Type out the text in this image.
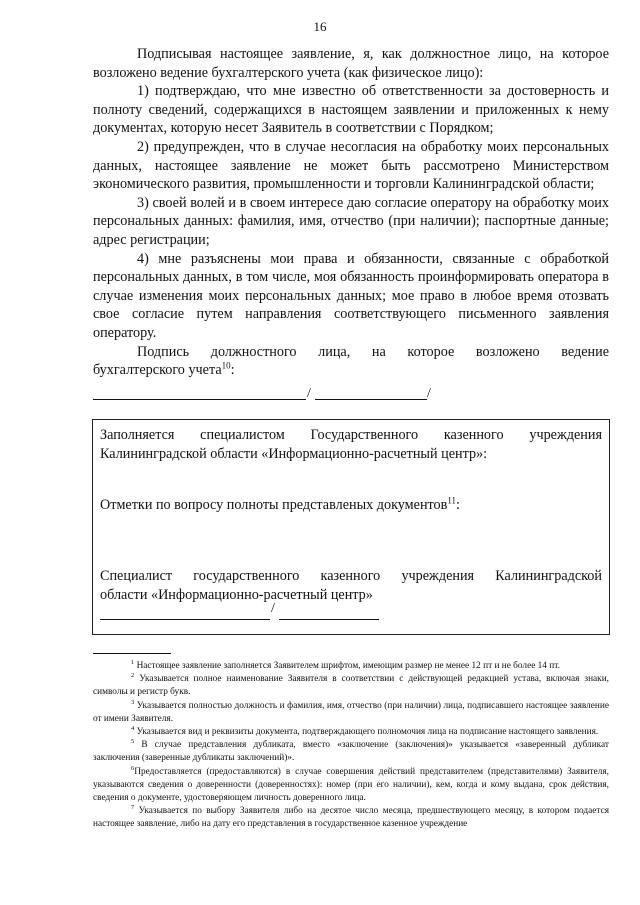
16

Подписывая настоящее заявление, я, как должностное лицо, на которое возложено ведение бухгалтерского учета (как физическое лицо):

1) подтверждаю, что мне известно об ответственности за достоверность и полноту сведений, содержащихся в настоящем заявлении и приложенных к нему документах, которую несет Заявитель в соответствии с Порядком;

2) предупрежден, что в случае несогласия на обработку моих персональных данных, настоящее заявление не может быть рассмотрено Министерством экономического развития, промышленности и торговли Калининградской области;

3) своей волей и в своем интересе даю согласие оператору на обработку моих персональных данных: фамилия, имя, отчество (при наличии); паспортные данные; адрес регистрации;

4) мне разъяснены мои права и обязанности, связанные с обработкой персональных данных, в том числе, моя обязанность проинформировать оператора в случае изменения моих персональных данных; мое право в любое время отозвать свое согласие путем направления соответствующего письменного заявления оператору.

Подпись должностного лица, на которое возложено ведение

бухгалтерского учета$^{10}$:

/	/
Заполняется специалистом Государственного казенного учреждения
Калининградской области «Информационно-расчетный центр»:
Отметки по вопросу полноты представленых документов$^{11}$:
Специалист государственного казенного учреждения Калининградской
области «Информационно-расчетный центр»
/

$^1$ Настоящее заявление заполняется Заявителем шрифтом, имеющим размер не менее 12 пт и не более 14 пт.

$^2$ Указывается полное наименование Заявителя в соответствии с действующей редакцией устава, включая знаки, символы и регистр букв.

$^3$ Указывается полностью должность и фамилия, имя, отчество (при наличии) лица, подписавшего настоящее заявление от имени Заявителя.

$^4$ Указывается вид и реквизиты документа, подтверждающего полномочия лица на подписание настоящего заявления.

$^5$ В случае представления дубликата, вместо «заключение (заключения)» указывается «заверенный дубликат заключения (заверенные дубликаты заключений)».

$^6$Предоставляется (предоставляются) в случае совершения действий представителем (представителями) Заявителя, указываются сведения о доверенности (доверенностях): номер (при его наличии), кем, когда и кому выдана, срок действия, сведения о документе, удостоверяющем личность доверенного лица.

$^7$ Указывается по выбору Заявителя либо на десятое число месяца, предшествующего месяцу, в котором подается настоящее заявление, либо на дату его представления в государственное казенное учреждение
